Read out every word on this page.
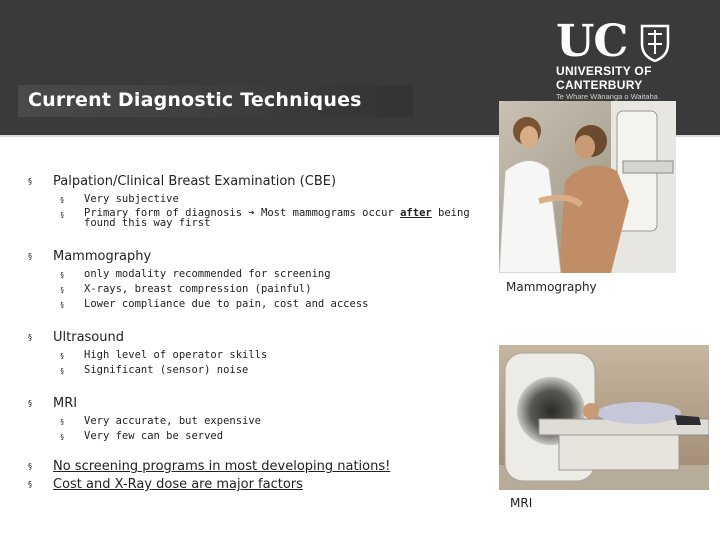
Current Diagnostic Techniques
UC
UNIVERSITY OF
CANTERBURY
Te Whare Wānanga o Waitaha
§ Palpation/Clinical Breast Examination (CBE)
§ Very subjective
§ Primary form of diagnosis ➔ Most mammograms occur after being found this way first
§ Mammography
§ only modality recommended for screening
§ X-rays, breast compression (painful)
§ Lower compliance due to pain, cost and access
§ Ultrasound
§ High level of operator skills
§ Significant (sensor) noise
§ MRI
§ Very accurate, but expensive
§ Very few can be served
§ No screening programs in most developing nations!
§ Cost and X-Ray dose are major factors
Mammography
MRI
